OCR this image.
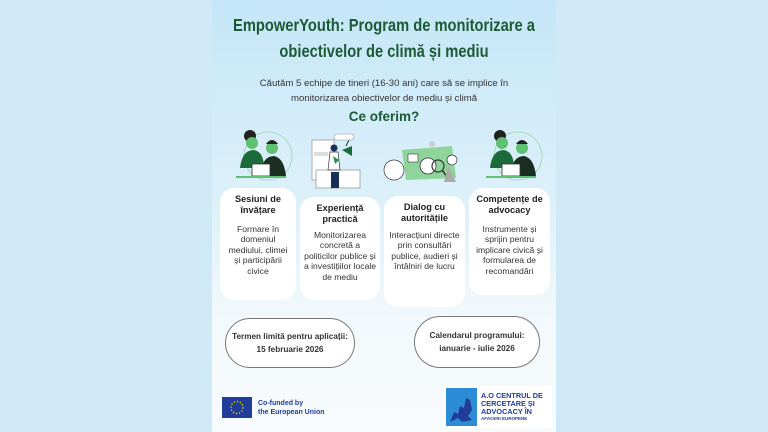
EmpowerYouth: Program de monitorizare a
obiectivelor de climă și mediu
Căutăm 5 echipe de tineri (16-30 ani) care să se implice în
monitorizarea obiectivelor de mediu și climă
Ce oferim?
Sesiuni de învățare

Formare în domeniul mediului, climei și participării civice

Experiență practică

Monitorizarea concretă a politicilor publice și a investițiilor locale de mediu

Dialog cu autoritățile

Interacțiuni directe prin consultări publice, audieri și întâlniri de lucru

Competențe de advocacy

Instrumente și sprijin pentru implicare civică și formularea de recomandări

Termen limită pentru aplicații:
15 februarie 2026
Calendarul programului:
ianuarie - iulie 2026
Co-funded by
the European Union
A.O CENTRUL DE
CERCETARE ȘI
ADVOCACY ÎN
AFACERI EUROPENE
